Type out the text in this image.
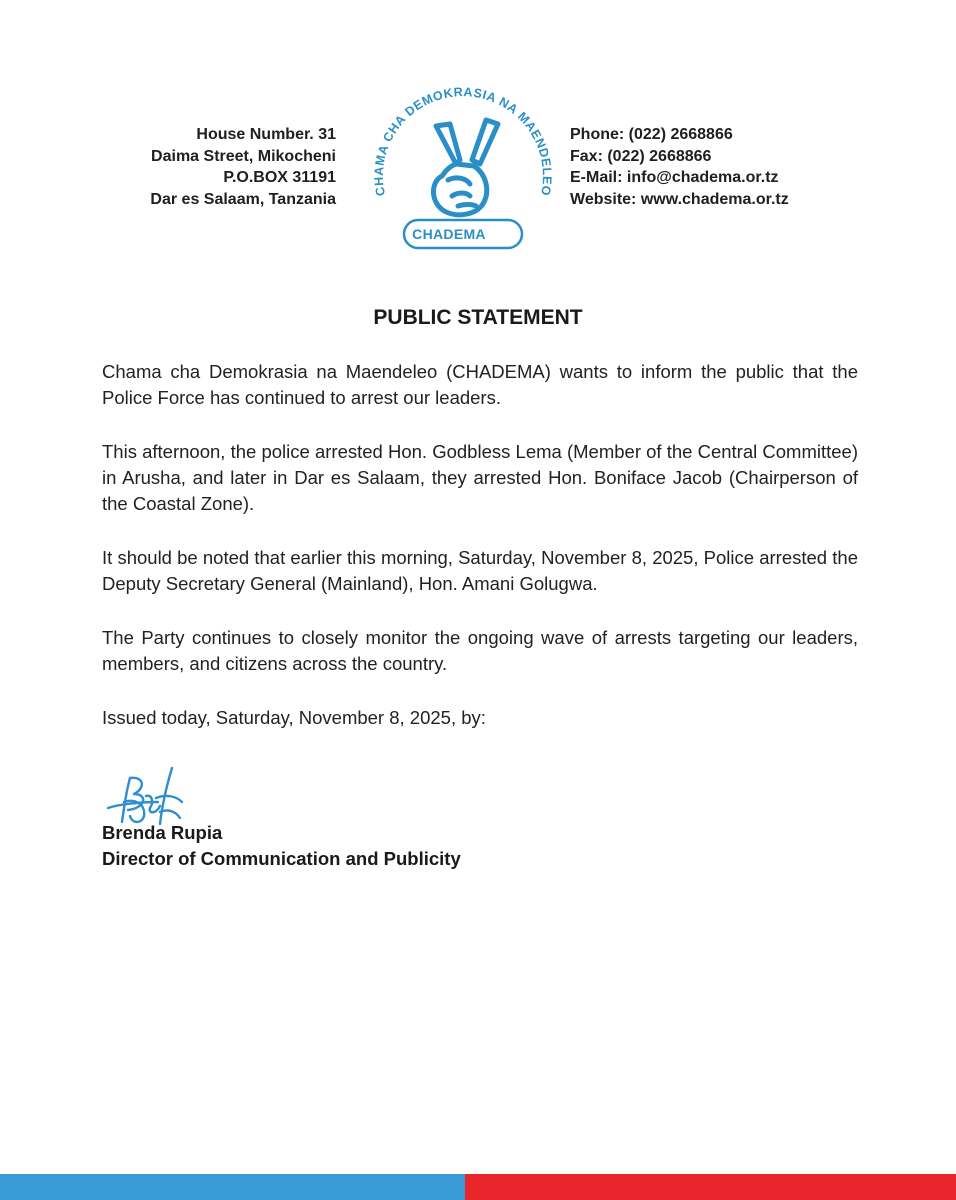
House Number. 31
Daima Street, Mikocheni
P.O.BOX 31191
Dar es Salaam, Tanzania	CHAMA CHA DEMOKRASIA NA MAENDELEO
CHADEMA
Phone: (022) 2668866
Fax: (022) 2668866
E-Mail: info@chadema.or.tz
Website: www.chadema.or.tz
PUBLIC STATEMENT

Chama cha Demokrasia na Maendeleo (CHADEMA) wants to inform the public that the Police Force has continued to arrest our leaders.

This afternoon, the police arrested Hon. Godbless Lema (Member of the Central Committee) in Arusha, and later in Dar es Salaam, they arrested Hon. Boniface Jacob (Chairperson of the Coastal Zone).

It should be noted that earlier this morning, Saturday, November 8, 2025, Police arrested the Deputy Secretary General (Mainland), Hon. Amani Golugwa.

The Party continues to closely monitor the ongoing wave of arrests targeting our leaders, members, and citizens across the country.

Issued today, Saturday, November 8, 2025, by:

Brenda Rupia
Director of Communication and Publicity
